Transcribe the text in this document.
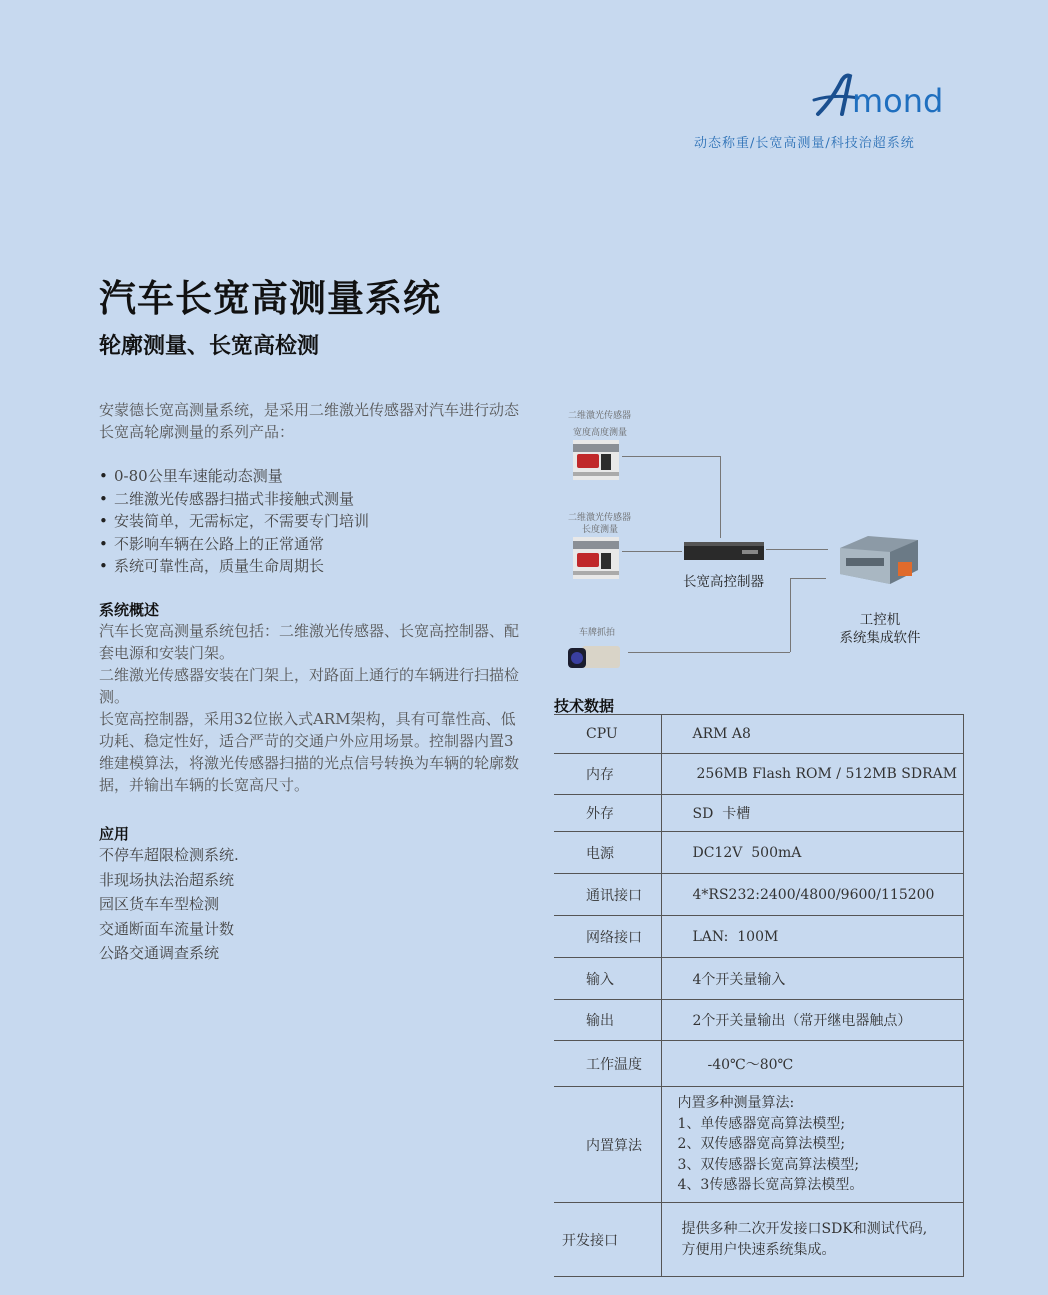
mond
动态称重/长宽高测量/科技治超系统
汽车长宽高测量系统
轮廓测量、长宽高检测
安蒙德长宽高测量系统，是采用二维激光传感器对汽车进行动态长宽高轮廓测量的系列产品：
• 0-80公里车速能动态测量
• 二维激光传感器扫描式非接触式测量
• 安装简单，无需标定，不需要专门培训
• 不影响车辆在公路上的正常通常
• 系统可靠性高，质量生命周期长
系统概述

汽车长宽高测量系统包括：二维激光传感器、长宽高控制器、配套电源和安装门架。

二维激光传感器安装在门架上，对路面上通行的车辆进行扫描检测。

长宽高控制器，采用32位嵌入式ARM架构，具有可靠性高、低功耗、稳定性好，适合严苛的交通户外应用场景。控制器内置3维建模算法，将激光传感器扫描的光点信号转换为车辆的轮廓数据，并输出车辆的长宽高尺寸。

应用
不停车超限检测系统.
非现场执法治超系统
园区货车车型检测
交通断面车流量计数
公路交通调查系统
二维激光传感器
宽度高度测量
二维激光传感器
长度测量
车牌抓拍
长宽高控制器
工控机
系统集成软件
技术数据
CPU	ARM A8
内存	256MB Flash ROM / 512MB SDRAM
外存	SD  卡槽
电源	DC12V  500mA
通讯接口	4*RS232:2400/4800/9600/115200
网络接口	LAN:  100M
输入	4个开关量输入
输出	2个开关量输出（常开继电器触点）
工作温度	-40℃～80℃
内置算法	内置多种测量算法:
1、单传感器宽高算法模型;
2、双传感器宽高算法模型;
3、双传感器长宽高算法模型;
4、3传感器长宽高算法模型。

开发接口	提供多种二次开发接口SDK和测试代码,
方便用户快速系统集成。
